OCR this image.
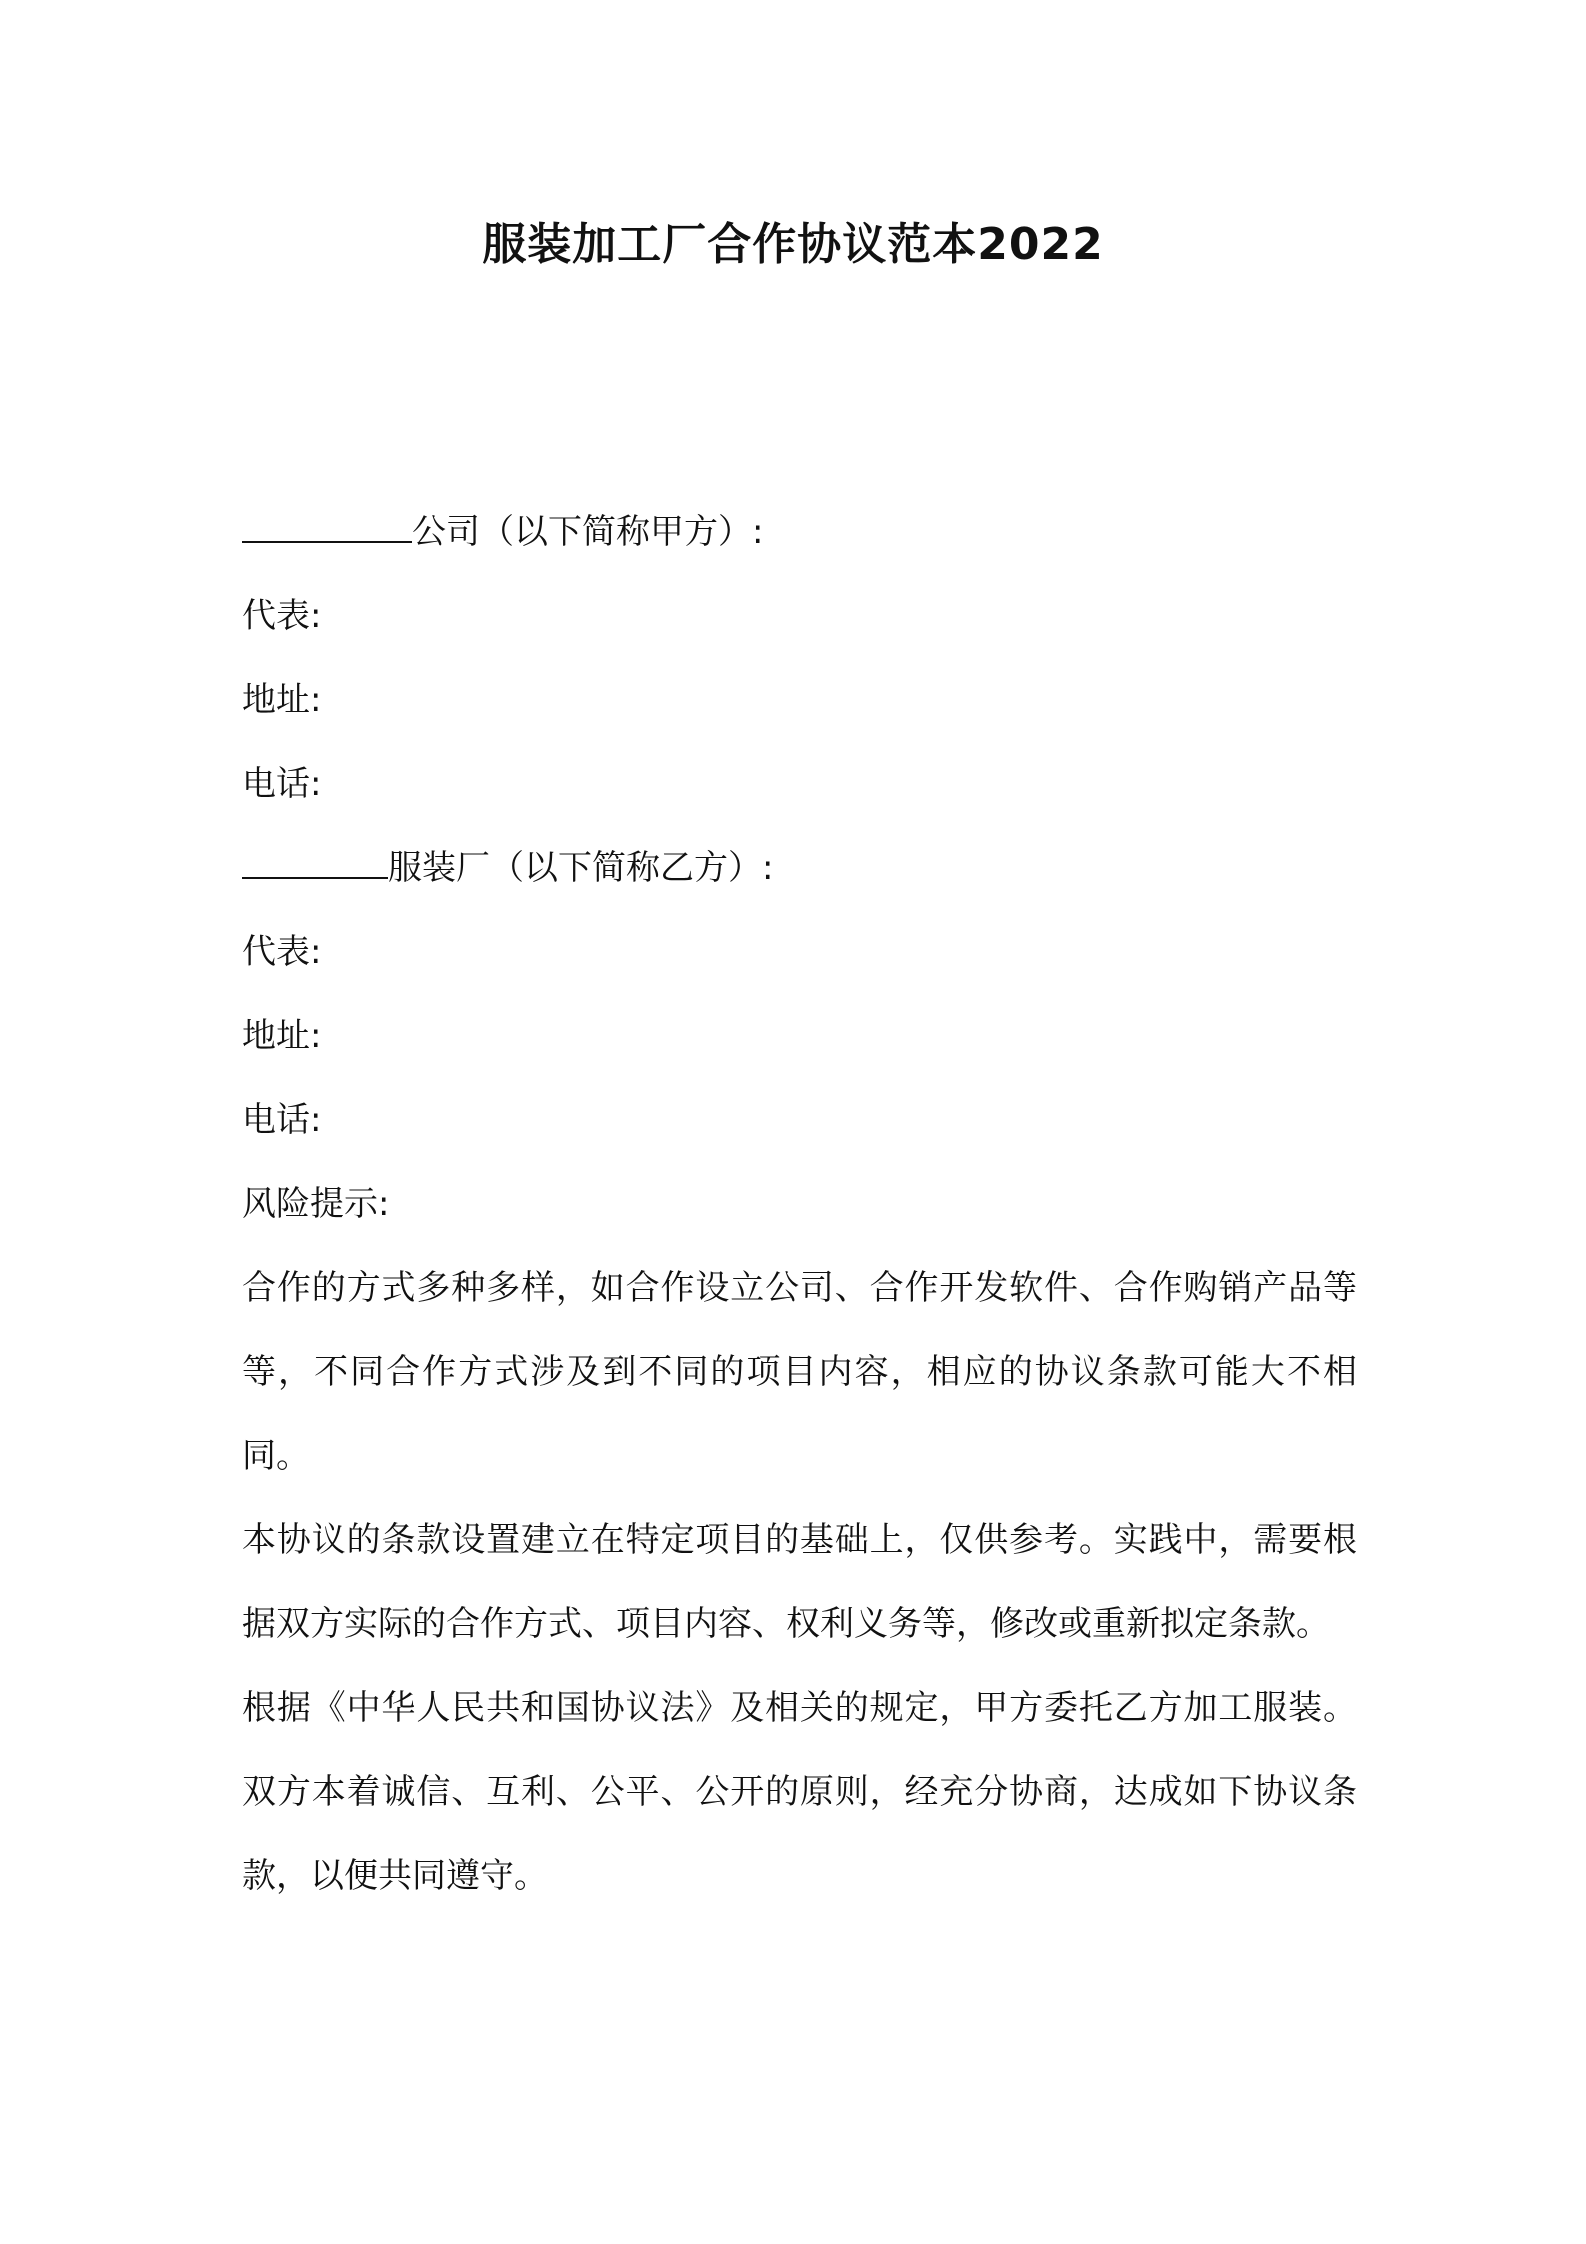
服装加工厂合作协议范本2022

公司（以下简称甲方）:

代表:

地址:

电话:

服装厂（以下简称乙方）:

代表:

地址:

电话:

风险提示:

合作的方式多种多样，如合作设立公司、合作开发软件、合作购销产品等等，不同合作方式涉及到不同的项目内容，相应的协议条款可能大不相同。

本协议的条款设置建立在特定项目的基础上，仅供参考。实践中，需要根据双方实际的合作方式、项目内容、权利义务等，修改或重新拟定条款。

根据《中华人民共和国协议法》及相关的规定，甲方委托乙方加工服装。双方本着诚信、互利、公平、公开的原则，经充分协商，达成如下协议条款，以便共同遵守。
